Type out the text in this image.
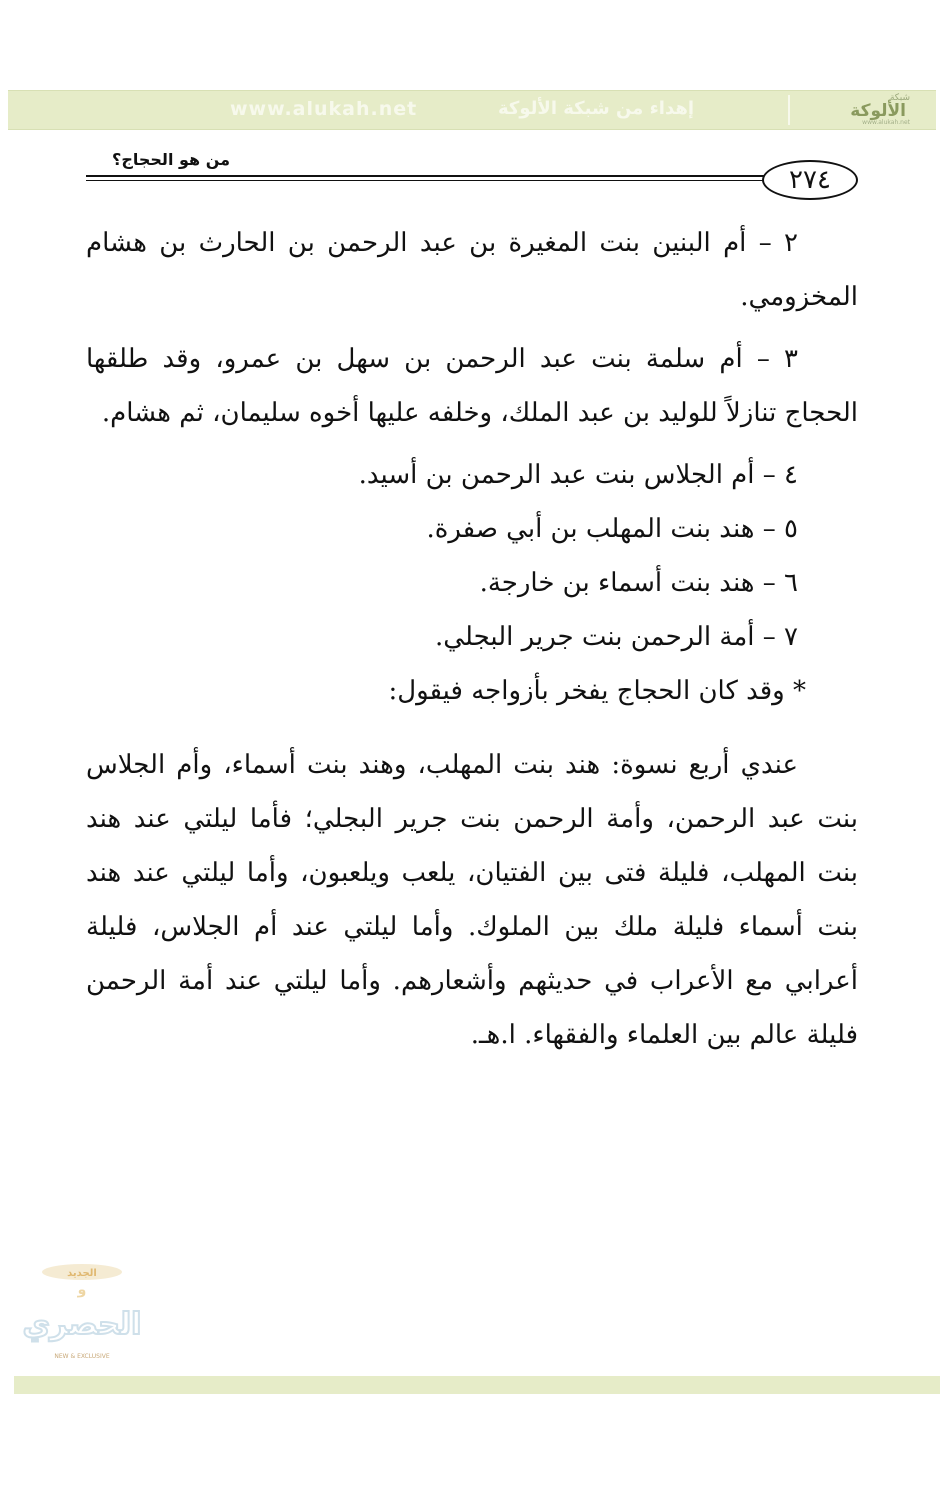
www.alukah.net	إهداء من شبكة الألوكة	شبكة
الألوكة
www.alukah.net
من هو الحجاج؟
٢٧٤

٢ – أم البنين بنت المغيرة بن عبد الرحمن بن الحارث بن هشام المخزومي.

٣ – أم سلمة بنت عبد الرحمن بن سهل بن عمرو، وقد طلقها الحجاج تنازلاً للوليد بن عبد الملك، وخلفه عليها أخوه سليمان، ثم هشام.

٤ – أم الجلاس بنت عبد الرحمن بن أسيد.

٥ – هند بنت المهلب بن أبي صفرة.

٦ – هند بنت أسماء بن خارجة.

٧ – أمة الرحمن بنت جرير البجلي.

* وقد كان الحجاج يفخر بأزواجه فيقول:

عندي أربع نسوة: هند بنت المهلب، وهند بنت أسماء، وأم الجلاس بنت عبد الرحمن، وأمة الرحمن بنت جرير البجلي؛ فأما ليلتي عند هند بنت المهلب، فليلة فتى بين الفتيان، يلعب ويلعبون، وأما ليلتي عند هند بنت أسماء فليلة ملك بين الملوك. وأما ليلتي عند أم الجلاس، فليلة أعرابي مع الأعراب في حديثهم وأشعارهم. وأما ليلتي عند أمة الرحمن فليلة عالم بين العلماء والفقهاء. ا.هـ.

الجديد
و
الحصري
NEW & EXCLUSIVE
